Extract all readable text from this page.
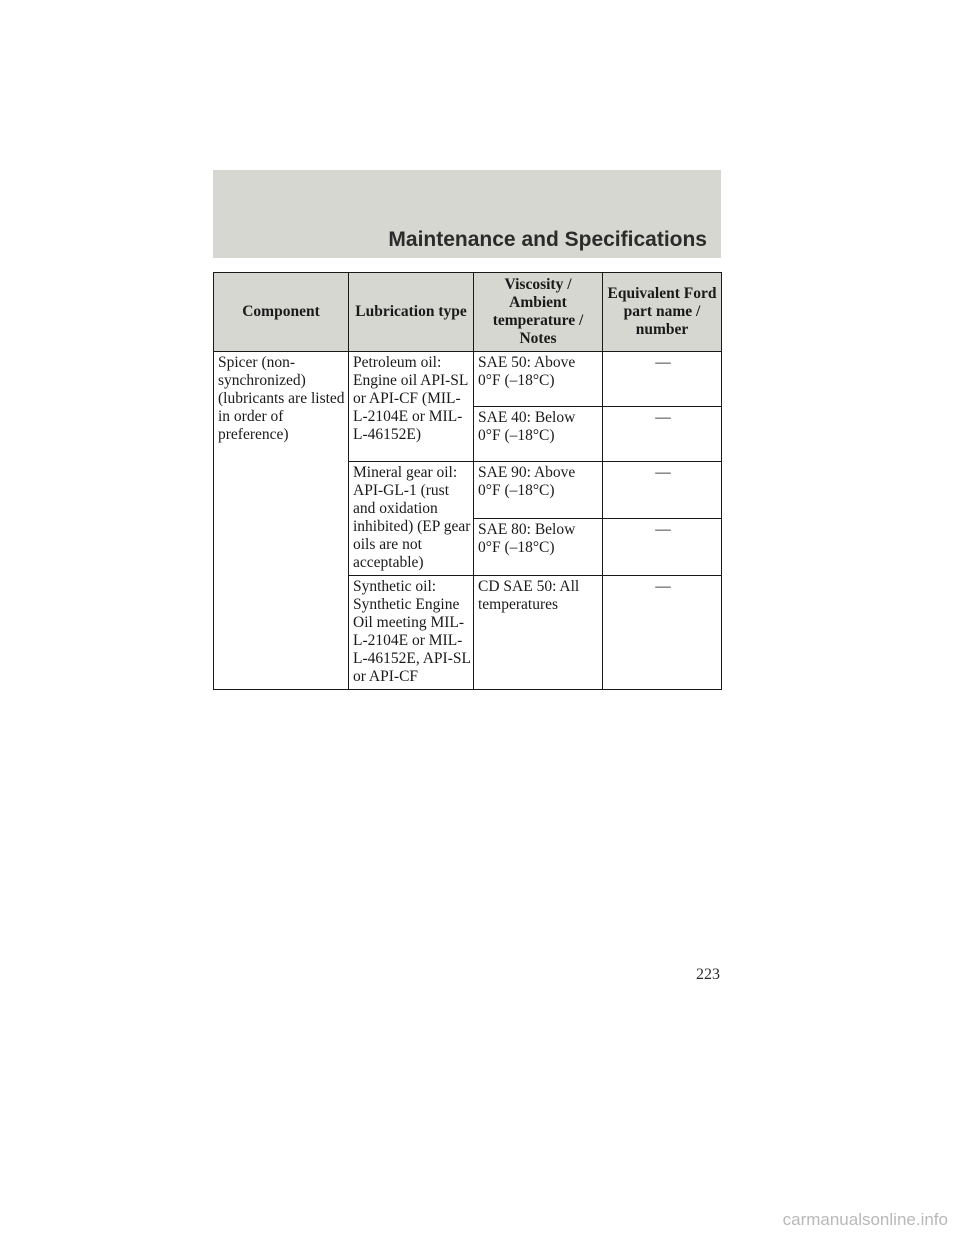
Maintenance and Specifications
Component	Lubrication type	Viscosity / Ambient temperature / Notes	Equivalent Ford part name / number
Spicer (non-synchronized) (lubricants are listed in order of preference)	Petroleum oil: Engine oil API-SL or API-CF (MIL-L-2104E or MIL-L-46152E)	SAE 50: Above 0°F (–18°C)	—
		SAE 40: Below 0°F (–18°C)	—
	Mineral gear oil: API-GL-1 (rust and oxidation inhibited) (EP gear oils are not acceptable)	SAE 90: Above 0°F (–18°C)	—
		SAE 80: Below 0°F (–18°C)	—
	Synthetic oil: Synthetic Engine Oil meeting MIL-L-2104E or MIL-L-46152E, API-SL or API-CF	CD SAE 50: All temperatures	—
223
carmanualsonline.info
